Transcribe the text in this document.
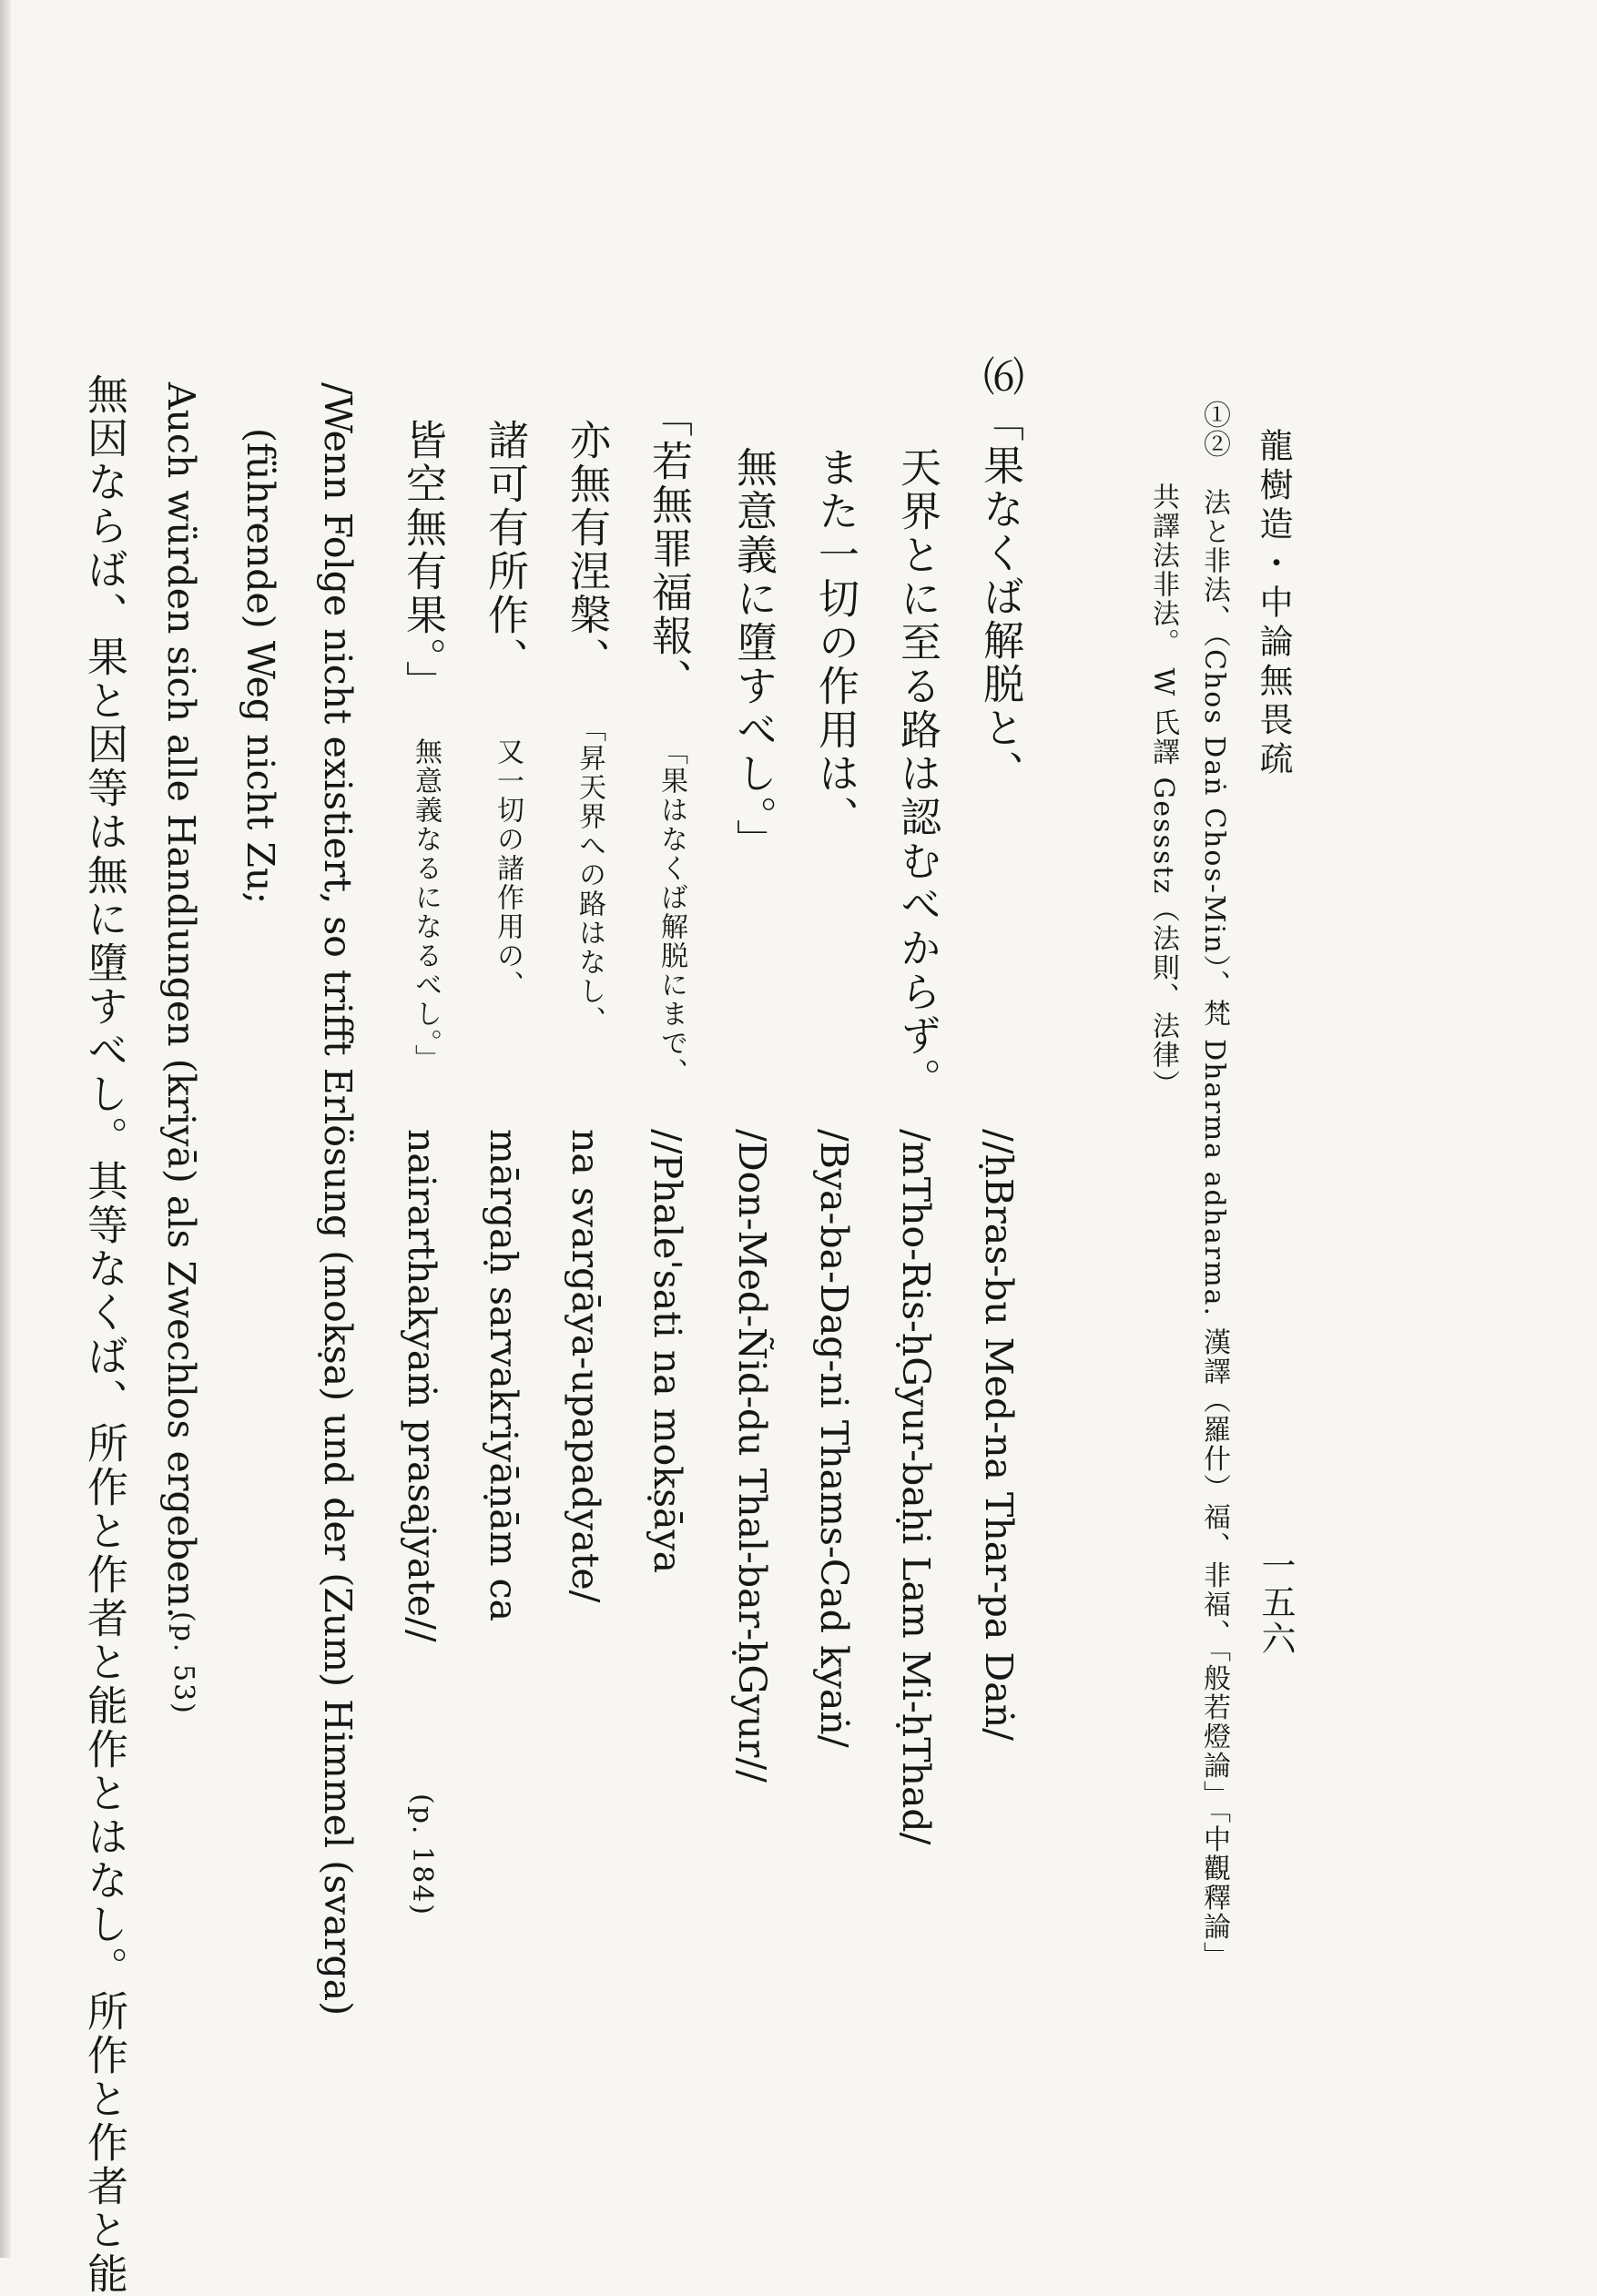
龍樹造・中論無畏疏
一五六
①②　法と非法、（Chos Daṅ Chos-Min）、梵 Dharma adharma. 漢譯（羅什）福、非福、「般若燈論」「中觀釋論」
共譯法非法。 W 氏譯 Gessstz（法則、法律）
⑹
「果なくば解脱と、
天界とに至る路は認むべからず。
また一切の作用は、
無意義に墮すべし。」
//ḥBras-bu Med-na Thar-pa Daṅ/
/mTho-Ris-ḥGyur-baḥi Lam Mi-ḥThad/
/Bya-ba-Dag-ni Thams-Cad kyaṅ/
/Don-Med-Ñid-du Thal-bar-ḥGyur//
「若無罪福報、
亦無有涅槃、
諸可有所作、
皆空無有果。」
「果はなくば解脱にまで、
「昇天界への路はなし、
又一切の諸作用の、
無意義なるになるべし。」
//Phale'sati na mokṣāya
na svargāya-upapadyate/
mārgaḥ sarvakriyāṇām ca
nairarthakyaṁ prasajyate//
(p. 184)
/Wenn Folge nicht existiert, so trifft Erlösung (mokṣa) und der (Zum) Himmel (svarga)
(führende) Weg nicht Zu;
Auch würden sich alle Handlungen (kriyā) als Zwechlos ergeben.
(p. 53)
無因ならば、果と因等は無に墮すべし。其等なくば、所作と作者と能作とはなし。所作と作者と能
